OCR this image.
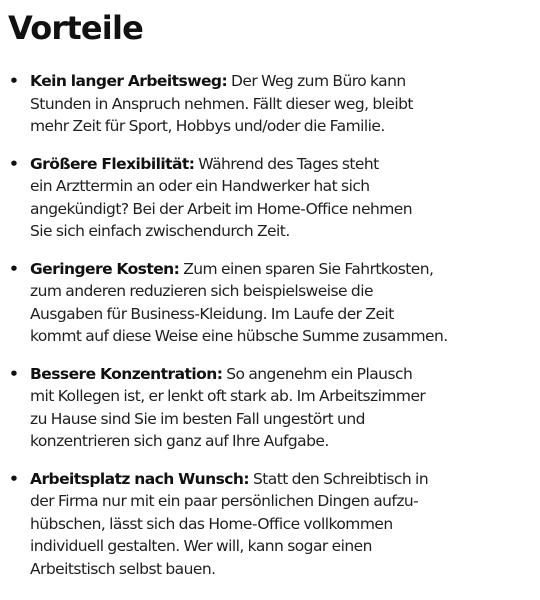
Vorteile
• Kein langer Arbeitsweg: Der Weg zum Büro kann
Stunden in Anspruch nehmen. Fällt dieser weg, bleibt
mehr Zeit für Sport, Hobbys und/oder die Familie.
• Größere Flexibilität: Während des Tages steht
ein Arzttermin an oder ein Handwerker hat sich
angekündigt? Bei der Arbeit im Home-Office nehmen
Sie sich einfach zwischendurch Zeit.
• Geringere Kosten: Zum einen sparen Sie Fahrtkosten,
zum anderen reduzieren sich beispielsweise die
Ausgaben für Business-Kleidung. Im Laufe der Zeit
kommt auf diese Weise eine hübsche Summe zusammen.
• Bessere Konzentration: So angenehm ein Plausch
mit Kollegen ist, er lenkt oft stark ab. Im Arbeitszimmer
zu Hause sind Sie im besten Fall ungestört und
konzentrieren sich ganz auf Ihre Aufgabe.
• Arbeitsplatz nach Wunsch: Statt den Schreibtisch in
der Firma nur mit ein paar persönlichen Dingen aufzu-
hübschen, lässt sich das Home-Office vollkommen
individuell gestalten. Wer will, kann sogar einen
Arbeitstisch selbst bauen.
